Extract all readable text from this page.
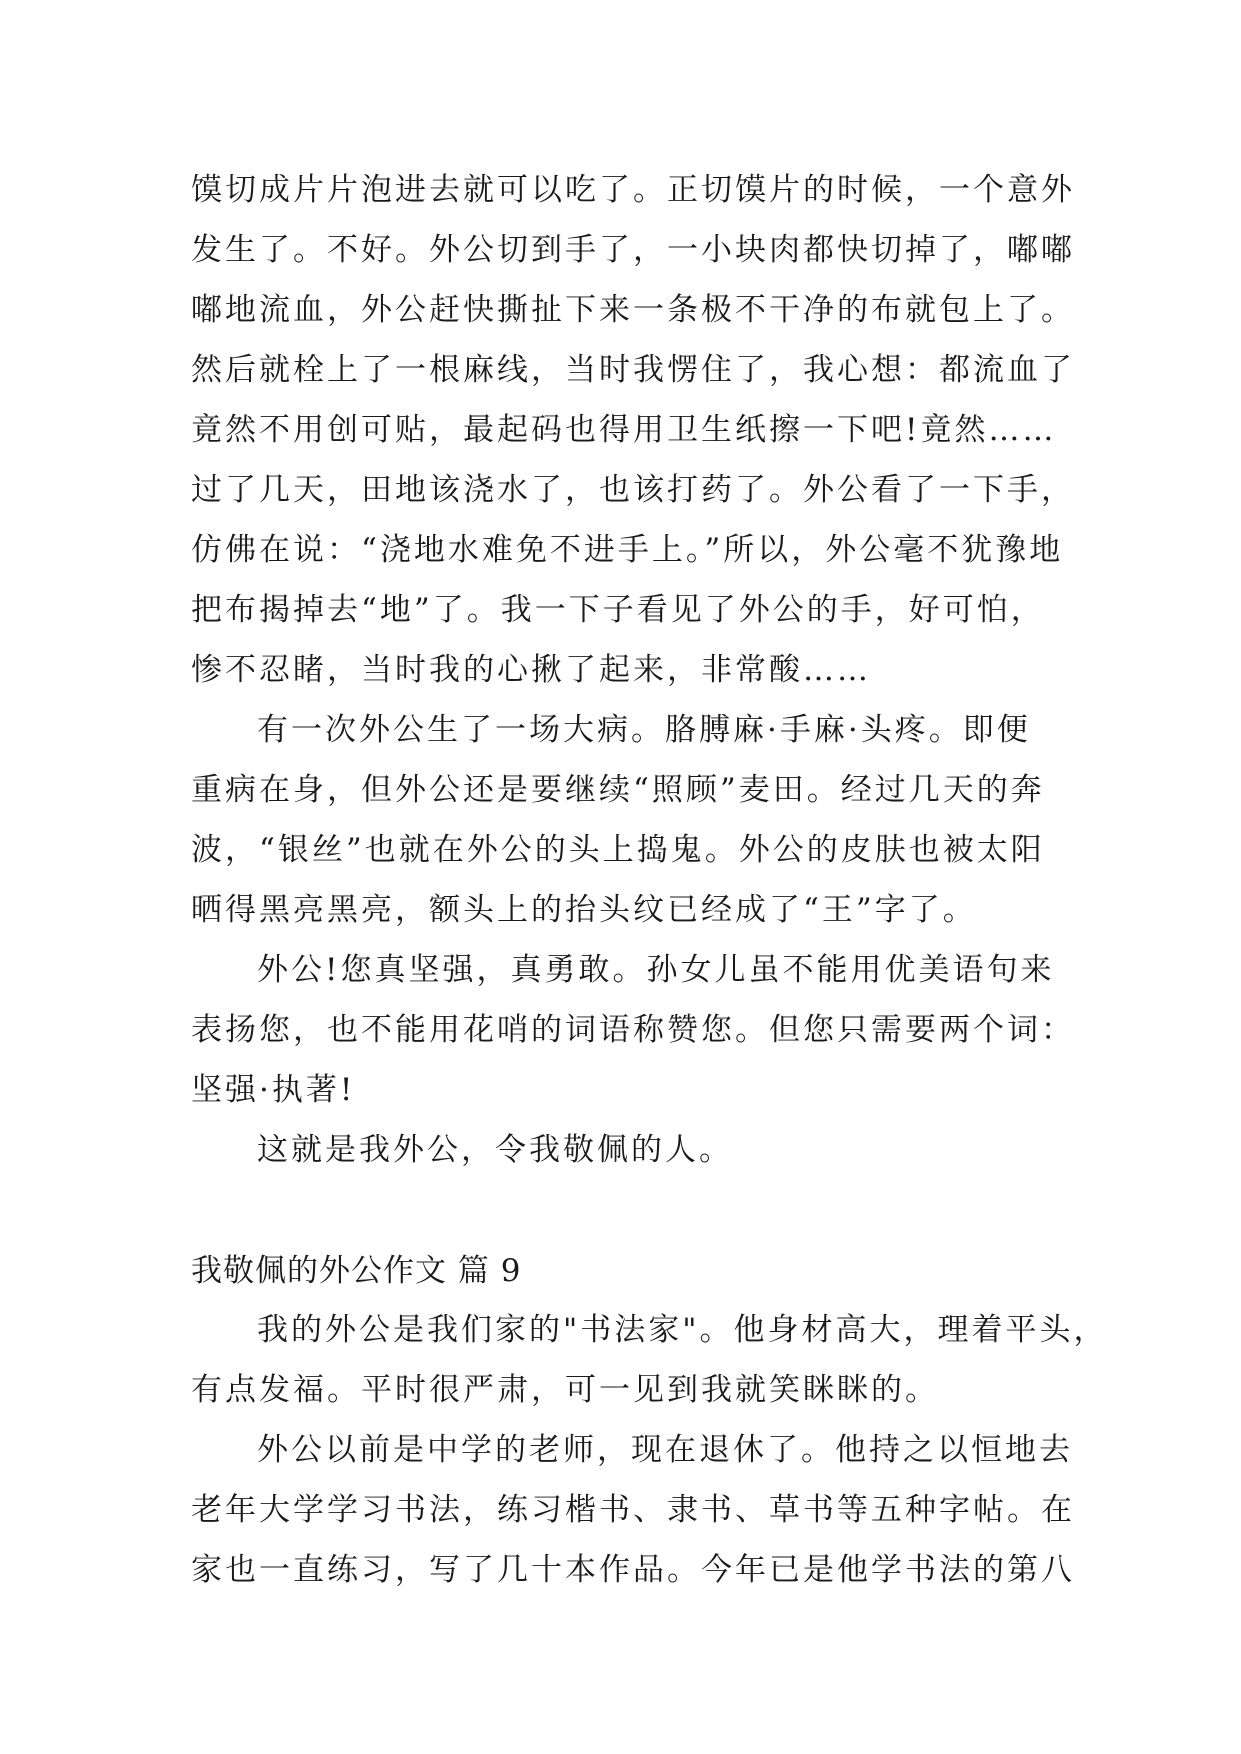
馍切成片片泡进去就可以吃了。正切馍片的时候，一个意外
发生了。不好。外公切到手了，一小块肉都快切掉了，嘟嘟
嘟地流血，外公赶快撕扯下来一条极不干净的布就包上了。
然后就栓上了一根麻线，当时我愣住了，我心想：都流血了
竟然不用创可贴，最起码也得用卫生纸擦一下吧!竟然……
过了几天，田地该浇水了，也该打药了。外公看了一下手，
仿佛在说：“浇地水难免不进手上。”所以，外公毫不犹豫地
把布揭掉去“地”了。我一下子看见了外公的手，好可怕，
惨不忍睹，当时我的心揪了起来，非常酸……
有一次外公生了一场大病。胳膊麻·手麻·头疼。即便
重病在身，但外公还是要继续“照顾”麦田。经过几天的奔
波，“银丝”也就在外公的头上捣鬼。外公的皮肤也被太阳
晒得黑亮黑亮，额头上的抬头纹已经成了“王”字了。
外公!您真坚强，真勇敢。孙女儿虽不能用优美语句来
表扬您，也不能用花哨的词语称赞您。但您只需要两个词：
坚强·执著!
这就是我外公，令我敬佩的人。
我敬佩的外公作文 篇 9
我的外公是我们家的"书法家"。他身材高大，理着平头，
有点发福。平时很严肃，可一见到我就笑眯眯的。
外公以前是中学的老师，现在退休了。他持之以恒地去
老年大学学习书法，练习楷书、隶书、草书等五种字帖。在
家也一直练习，写了几十本作品。今年已是他学书法的第八
